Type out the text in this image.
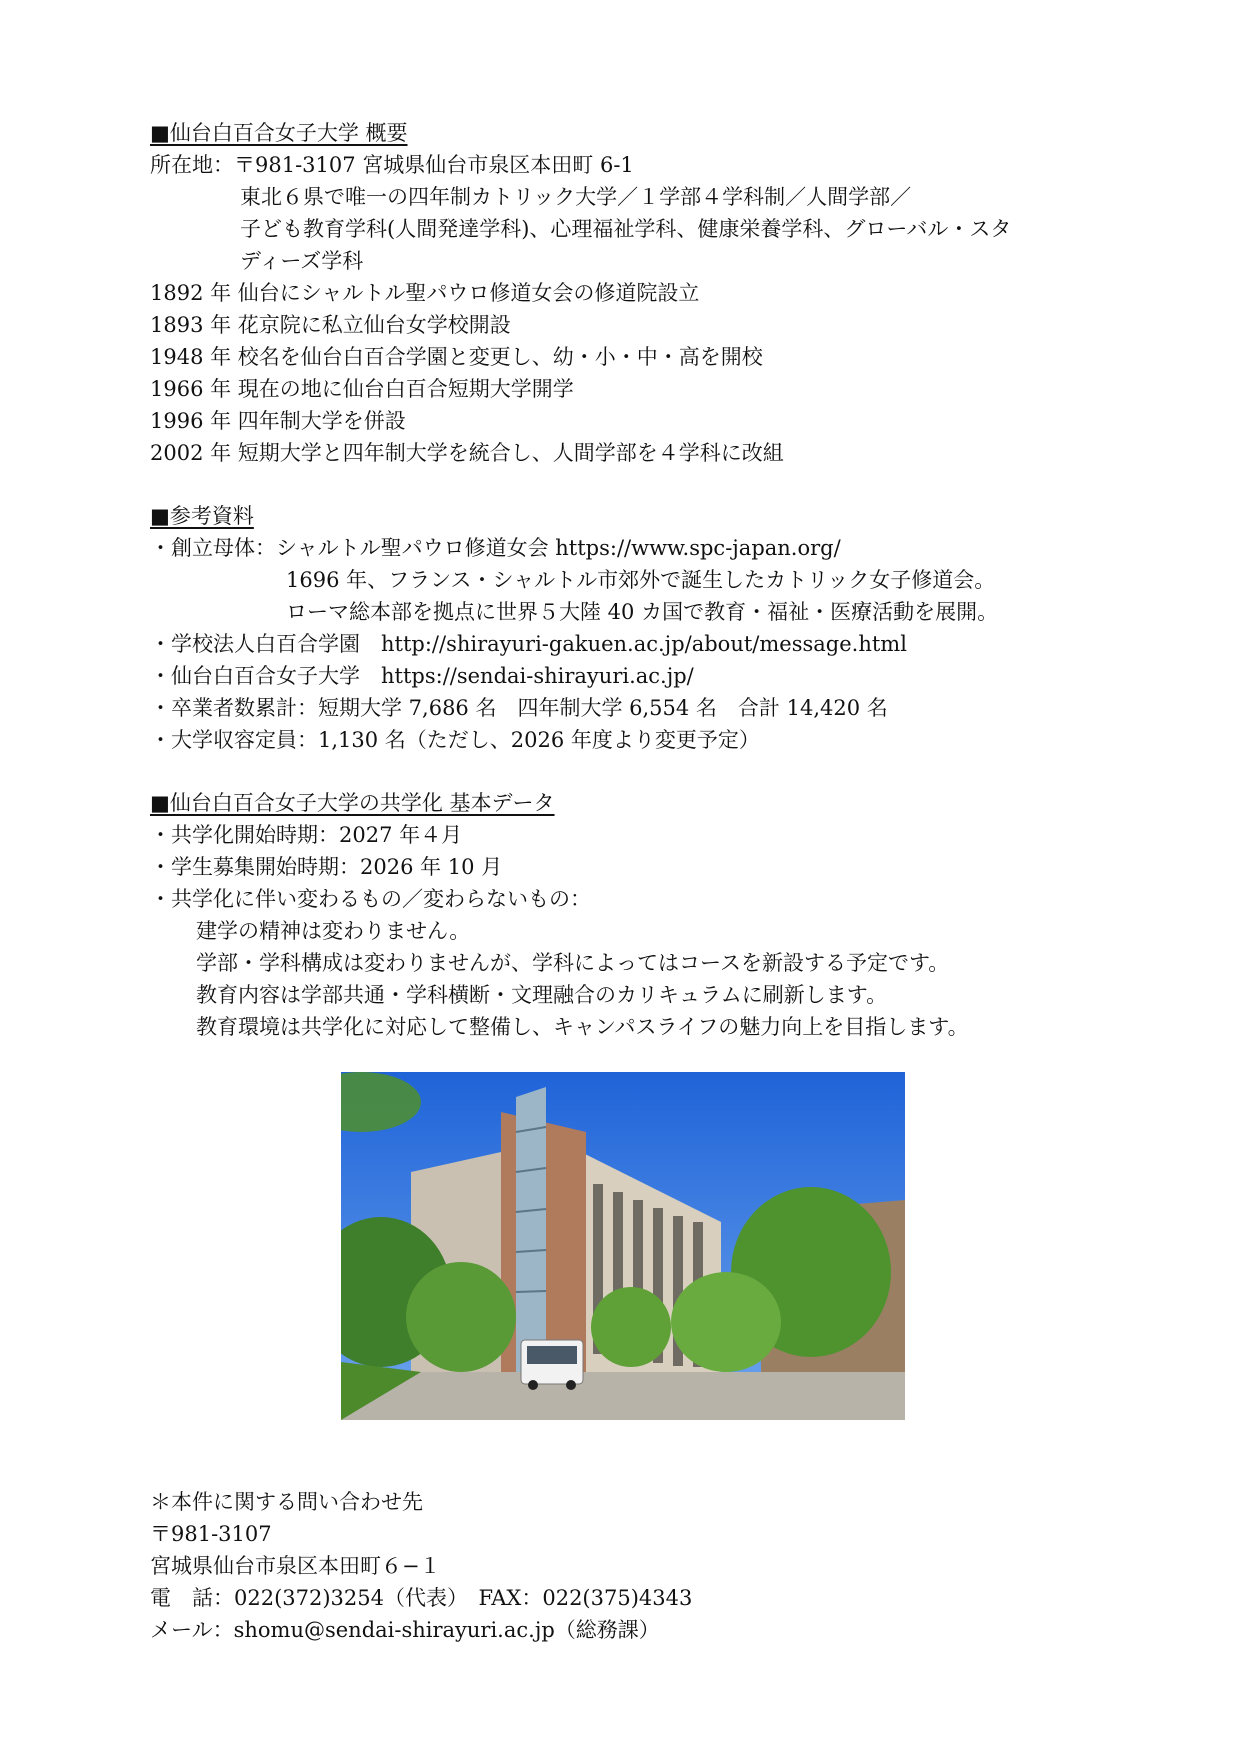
■仙台白百合女子大学 概要
所在地：〒981-3107 宮城県仙台市泉区本田町 6-1
東北６県で唯一の四年制カトリック大学／１学部４学科制／人間学部／
子ども教育学科(人間発達学科)、心理福祉学科、健康栄養学科、グローバル・スタ
ディーズ学科
1892 年 仙台にシャルトル聖パウロ修道女会の修道院設立
1893 年 花京院に私立仙台女学校開設
1948 年 校名を仙台白百合学園と変更し、幼・小・中・高を開校
1966 年 現在の地に仙台白百合短期大学開学
1996 年 四年制大学を併設
2002 年 短期大学と四年制大学を統合し、人間学部を４学科に改組
■参考資料
・創立母体：シャルトル聖パウロ修道女会 https://www.spc-japan.org/
1696 年、フランス・シャルトル市郊外で誕生したカトリック女子修道会。
ローマ総本部を拠点に世界５大陸 40 カ国で教育・福祉・医療活動を展開。
・学校法人白百合学園　http://shirayuri-gakuen.ac.jp/about/message.html
・仙台白百合女子大学　https://sendai-shirayuri.ac.jp/
・卒業者数累計：短期大学 7,686 名　四年制大学 6,554 名　合計 14,420 名
・大学収容定員：1,130 名（ただし、2026 年度より変更予定）
■仙台白百合女子大学の共学化 基本データ
・共学化開始時期：2027 年４月
・学生募集開始時期：2026 年 10 月
・共学化に伴い変わるもの／変わらないもの：
建学の精神は変わりません。
学部・学科構成は変わりませんが、学科によってはコースを新設する予定です。
教育内容は学部共通・学科横断・文理融合のカリキュラムに刷新します。
教育環境は共学化に対応して整備し、キャンパスライフの魅力向上を目指します。
＊本件に関する問い合わせ先
〒981-3107
宮城県仙台市泉区本田町６−１
電　話：022(372)3254（代表）　FAX：022(375)4343
メール：shomu@sendai-shirayuri.ac.jp（総務課）
